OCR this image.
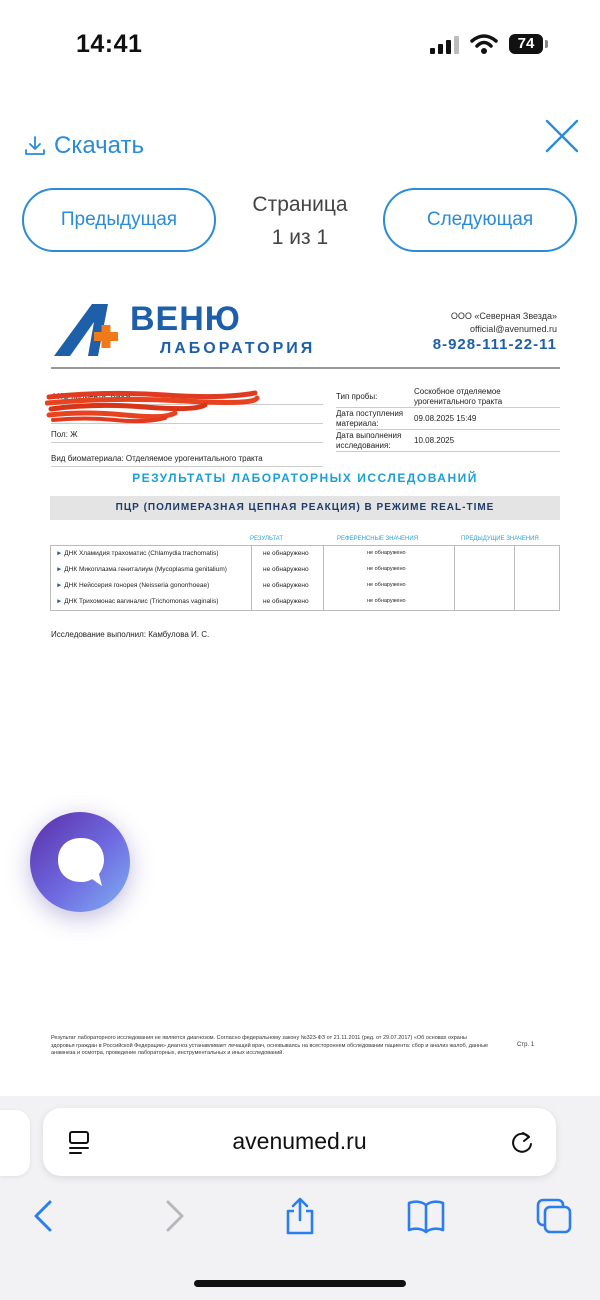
14:41	74
Скачать
Предыдущая
Страница
1 из 1
Следующая
ВЕНЮ
ЛАБОРАТОРИЯ
ООО «Северная Звезда»
official@avenumed.ru
8-928-111-22-11
ФИО пациента: ВАКА
Пол: Ж
Вид биоматериала: Отделяемое урогенитального тракта
Тип пробы:
Соскобное отделяемое урогенитального тракта
Дата поступления материала:
09.08.2025 15:49
Дата выполнения исследования:
10.08.2025
РЕЗУЛЬТАТЫ ЛАБОРАТОРНЫХ ИССЛЕДОВАНИЙ
ПЦР (ПОЛИМЕРАЗНАЯ ЦЕПНАЯ РЕАКЦИЯ) В РЕЖИМЕ REAL-TIME
РЕЗУЛЬТАТ	РЕФЕРЕНСНЫЕ ЗНАЧЕНИЯ	ПРЕДЫДУЩИЕ ЗНАЧЕНИЯ
► ДНК Хламидия трахоматис (Chlamydia trachomatis)	не обнаружено	не обнаружено
► ДНК Микоплазма гениталиум (Mycoplasma genitalium)	не обнаружено	не обнаружено
► ДНК Нейссерия гонорея (Neisseria gonorrhoeae)	не обнаружено	не обнаружено
► ДНК Трихомонас вагиналис (Trichomonas vaginalis)	не обнаружено	не обнаружено
Исследование выполнил: Камбулова И. С.
Результат лабораторного исследования не является диагнозом. Согласно федеральному закону №323-ФЗ от 21.11.2011 (ред. от 29.07.2017) «Об основах охраны здоровья граждан в Российской Федерации» диагноз устанавливает лечащий врач, основываясь на всестороннем обследовании пациента: сбор и анализ жалоб, данные анамнеза и осмотра, проведение лабораторных, инструментальных и иных исследований.
Стр. 1
avenumed.ru
